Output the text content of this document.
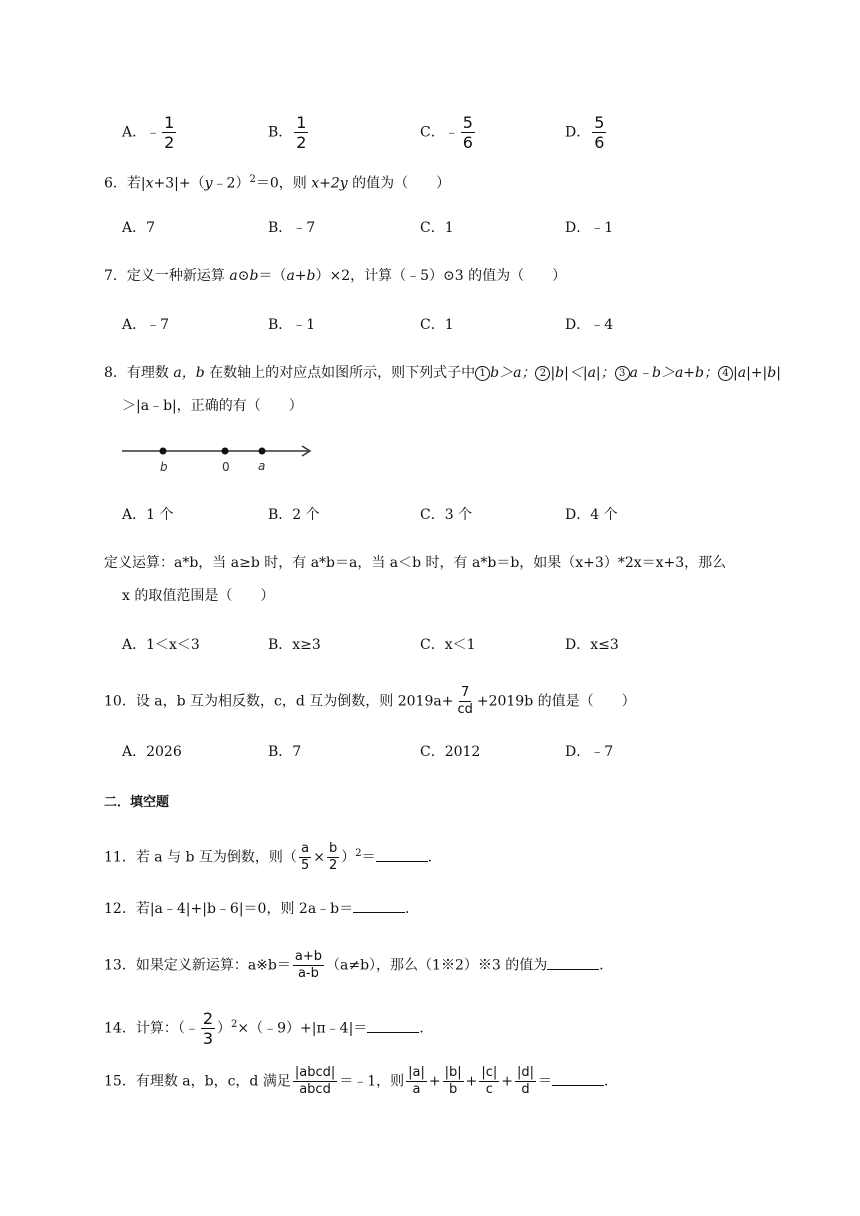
A．﹣ $\frac{1}{2}$	B． $\frac{1}{2}$	C．﹣ $\frac{5}{6}$	D． $\frac{5}{6}$
6．若|x+3|+（y﹣2）$^2$＝0，则 x+2y 的值为（　　）
A．7	B．﹣7	C．1	D．﹣1
7．定义一种新运算 a⊙b＝（a+b）×2，计算（﹣5）⊙3 的值为（　　）
A．﹣7	B．﹣1	C．1	D．﹣4
8．有理数 a，b 在数轴上的对应点如图所示，则下列式子中 1 b＞a； 2 |b|＜|a|； 3 a﹣b＞a+b； 4 |a|+|b|
＞|a﹣b|，正确的有（　　）
b	0 a
A．1 个	B．2 个	C．3 个	D．4 个
定义运算：a*b，当 a≥b 时，有 a*b＝a，当 a＜b 时，有 a*b＝b，如果（x+3）*2x＝x+3，那么
x 的取值范围是（　　）
A．1＜x＜3	B．x≥3	C．x＜1	D．x≤3
10．设 a，b 互为相反数，c，d 互为倒数，则 $2019a+ \frac{7}{cd} +2019b$ 的值是（　　）
A．2026	B．7	C．2012	D．﹣7
二．填空题
11．若 a 与 b 互为倒数，则（ $\frac{a}{5} \times \frac{b}{2} )^2=$	．
12．若|a﹣4|+|b﹣6|＝0，则 2a﹣b＝	．
13．如果定义新运算：a※b＝ $\frac{a+b}{a-b} (a\ne b)$，那么（1※2）※3 的值为	．
14．计算：（﹣ $\frac{2}{3}$ ）$^2$×（﹣9）+|π﹣4|＝	．
15．有理数 a，b，c，d 满足 $\frac{\text{|abcd|}}{\text{abcd}}$ ＝﹣1，则 $\frac{|a|}{a} + \frac{|b|}{b} + \frac{|c|}{c} + \frac{|d|}{d}$ ＝	．
